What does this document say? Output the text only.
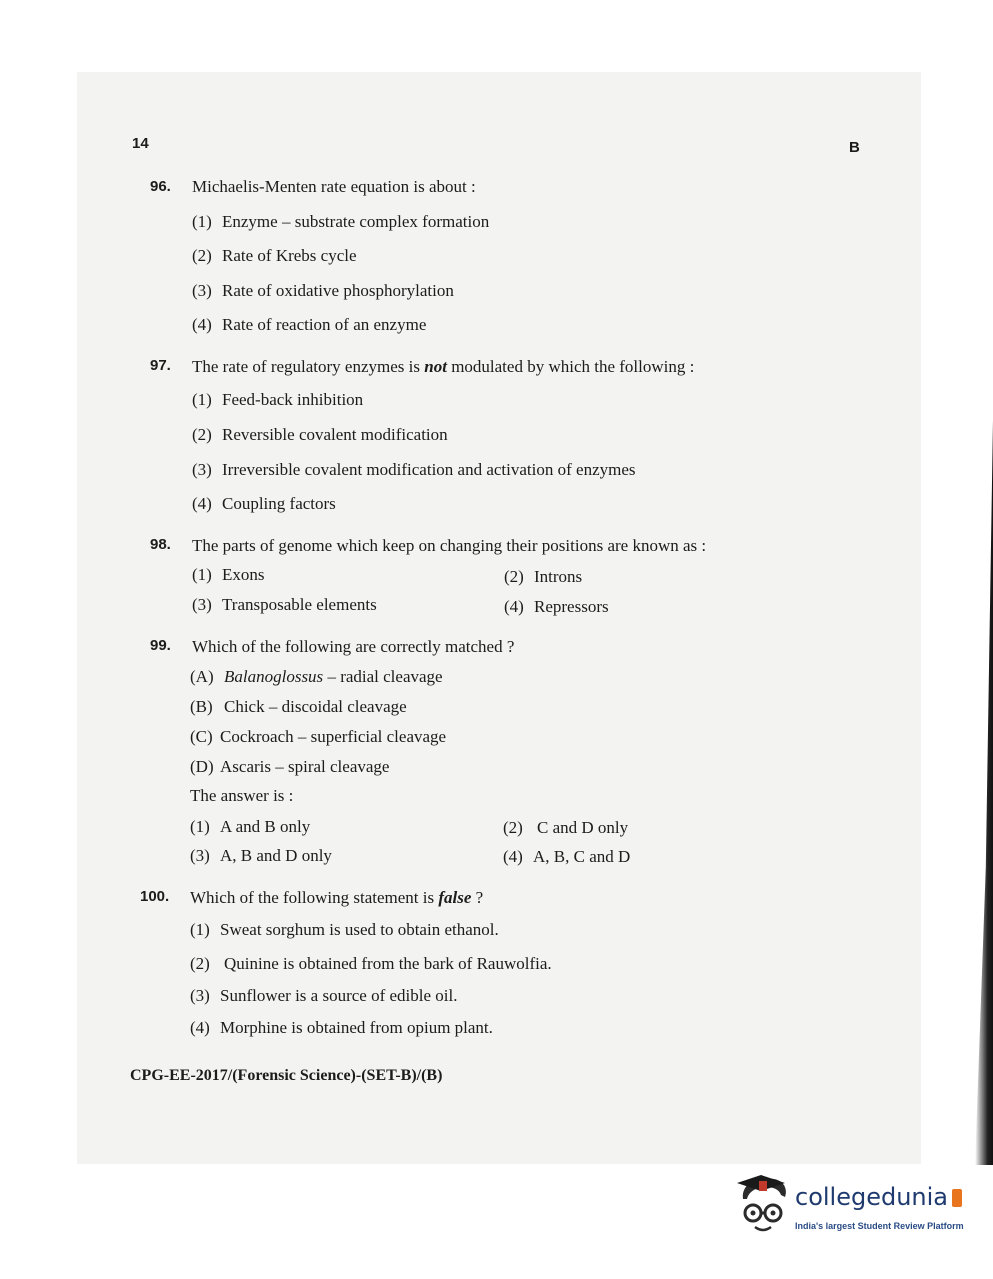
14	B
96. Michaelis-Menten rate equation is about :
(1) Enzyme – substrate complex formation
(2) Rate of Krebs cycle
(3) Rate of oxidative phosphorylation
(4) Rate of reaction of an enzyme
97. The rate of regulatory enzymes is not modulated by which the following :
(1) Feed-back inhibition
(2) Reversible covalent modification
(3) Irreversible covalent modification and activation of enzymes
(4) Coupling factors
98. The parts of genome which keep on changing their positions are known as :
(1) Exons	(2) Introns
(3) Transposable elements	(4) Repressors
99. Which of the following are correctly matched ?
(A) Balanoglossus – radial cleavage
(B) Chick – discoidal cleavage
(C) Cockroach – superficial cleavage
(D) Ascaris – spiral cleavage
The answer is :
(1) A and B only	(2) C and D only
(3) A, B and D only	(4) A, B, C and D
100. Which of the following statement is false ?
(1) Sweat sorghum is used to obtain ethanol.
(2) Quinine is obtained from the bark of Rauwolfia.
(3) Sunflower is a source of edible oil.
(4) Morphine is obtained from opium plant.
CPG-EE-2017/(Forensic Science)-(SET-B)/(B)
collegedunia
India's largest Student Review Platform
